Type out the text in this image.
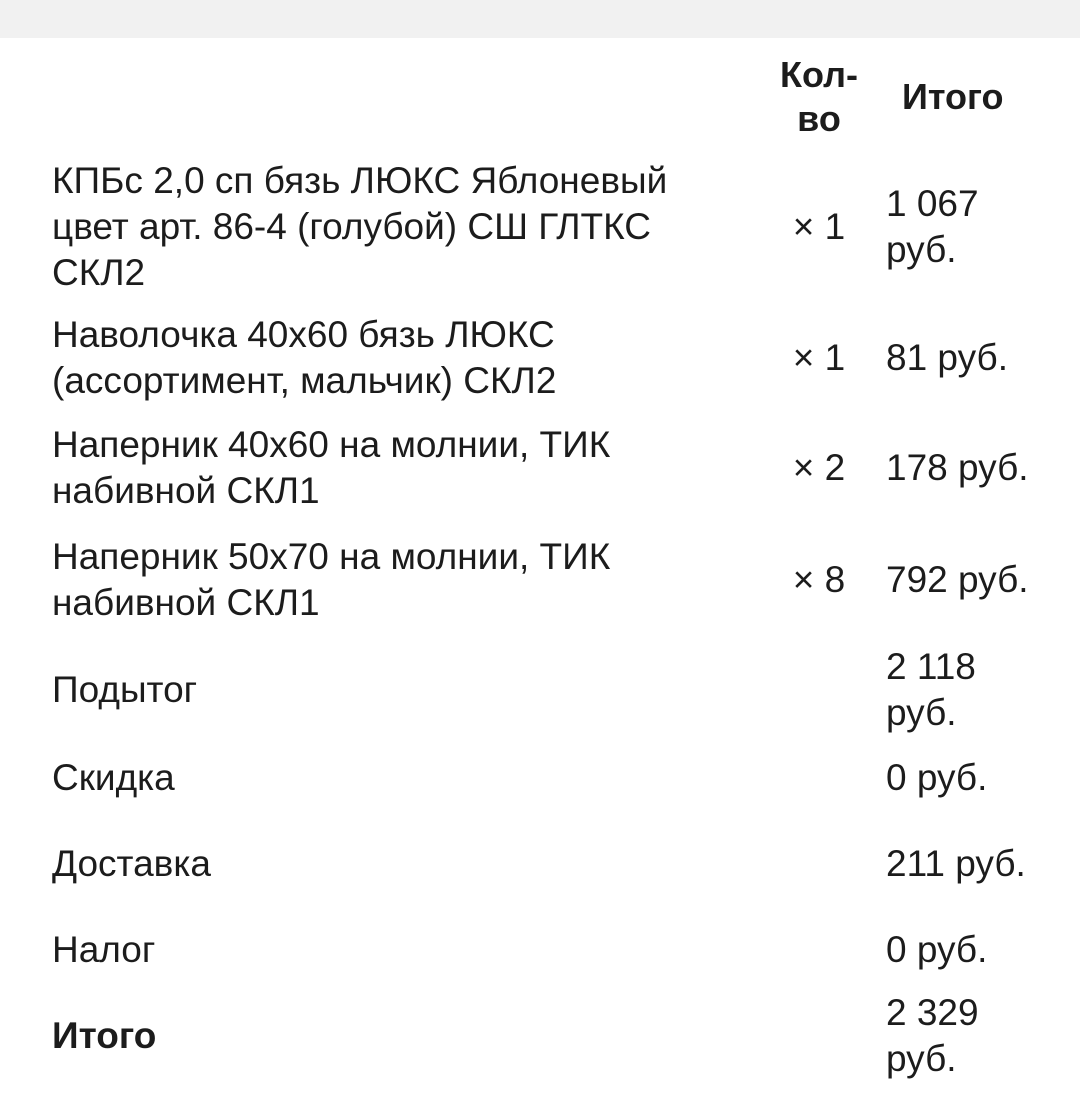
	Кол-во	Итого
КПБс 2,0 сп бязь ЛЮКС Яблоневый цвет арт. 86-4 (голубой) СШ ГЛТКС СКЛ2	× 1	1 067 руб.
Наволочка 40х60 бязь ЛЮКС (ассортимент, мальчик) СКЛ2	× 1	81 руб.
Наперник 40х60 на молнии, ТИК набивной СКЛ1	× 2	178 руб.
Наперник 50х70 на молнии, ТИК набивной СКЛ1	× 8	792 руб.
Подытог		2 118 руб.
Скидка		0 руб.
Доставка		211 руб.
Налог		0 руб.
Итого		2 329 руб.
